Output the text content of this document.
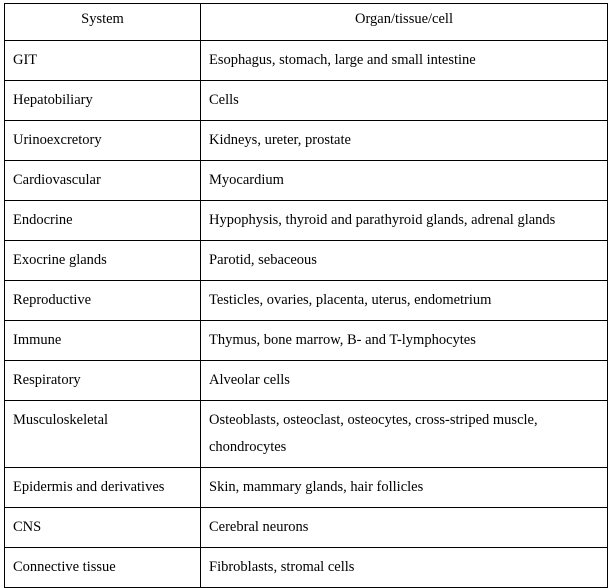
System	Organ/tissue/cell
GIT	Esophagus, stomach, large and small intestine
Hepatobiliary	Cells
Urinoexcretory	Kidneys, ureter, prostate
Cardiovascular	Myocardium
Endocrine	Hypophysis, thyroid and parathyroid glands, adrenal glands
Exocrine glands	Parotid, sebaceous
Reproductive	Testicles, ovaries, placenta, uterus, endometrium
Immune	Thymus, bone marrow, B- and T-lymphocytes
Respiratory	Alveolar cells
Musculoskeletal	Osteoblasts, osteoclast, osteocytes, cross-striped muscle, chondrocytes
Epidermis and derivatives	Skin, mammary glands, hair follicles
CNS	Cerebral neurons
Connective tissue	Fibroblasts, stromal cells
